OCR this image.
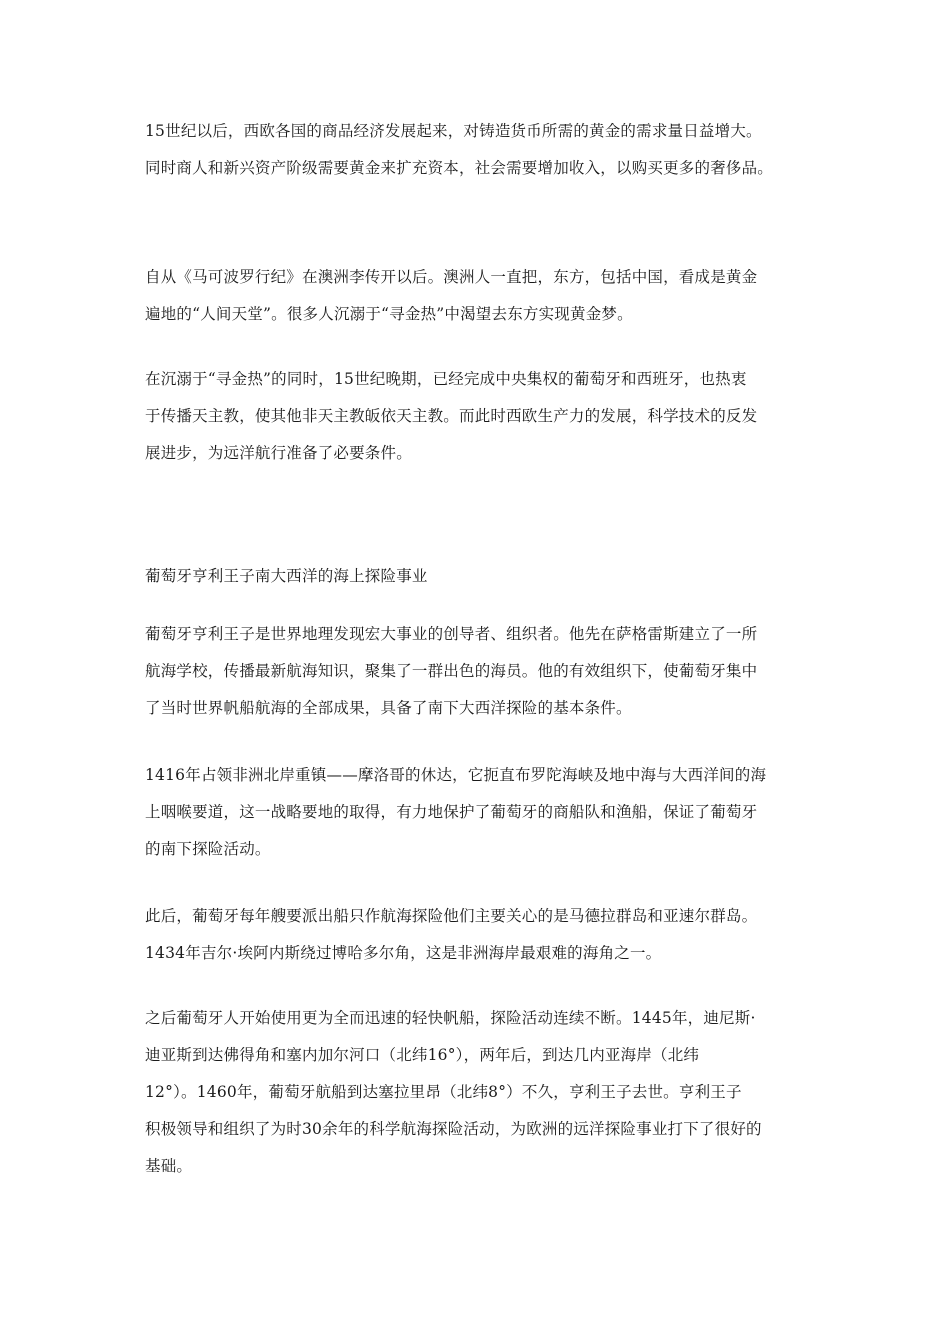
15世纪以后，西欧各国的商品经济发展起来，对铸造货币所需的黄金的需求量日益增大。
同时商人和新兴资产阶级需要黄金来扩充资本，社会需要增加收入，以购买更多的奢侈品。
自从《马可波罗行纪》在澳洲李传开以后。澳洲人一直把，东方，包括中国，看成是黄金
遍地的“人间天堂”。很多人沉溺于“寻金热”中渴望去东方实现黄金梦。
在沉溺于“寻金热”的同时，15世纪晚期，已经完成中央集权的葡萄牙和西班牙，也热衷
于传播天主教，使其他非天主教皈依天主教。而此时西欧生产力的发展，科学技术的反发
展进步，为远洋航行准备了必要条件。
葡萄牙亨利王子南大西洋的海上探险事业
葡萄牙亨利王子是世界地理发现宏大事业的创导者、组织者。他先在萨格雷斯建立了一所
航海学校，传播最新航海知识，聚集了一群出色的海员。他的有效组织下，使葡萄牙集中
了当时世界帆船航海的全部成果，具备了南下大西洋探险的基本条件。
1416年占领非洲北岸重镇——摩洛哥的休达，它扼直布罗陀海峡及地中海与大西洋间的海
上咽喉要道，这一战略要地的取得，有力地保护了葡萄牙的商船队和渔船，保证了葡萄牙
的南下探险活动。
此后，葡萄牙每年艘要派出船只作航海探险他们主要关心的是马德拉群岛和亚速尔群岛。
1434年吉尔·埃阿内斯绕过博哈多尔角，这是非洲海岸最艰难的海角之一。
之后葡萄牙人开始使用更为全而迅速的轻快帆船，探险活动连续不断。1445年，迪尼斯·
迪亚斯到达佛得角和塞内加尔河口（北纬16°），两年后，到达几内亚海岸（北纬
12°）。1460年，葡萄牙航船到达塞拉里昂（北纬8°）不久，亨利王子去世。亨利王子
积极领导和组织了为时30余年的科学航海探险活动，为欧洲的远洋探险事业打下了很好的
基础。
